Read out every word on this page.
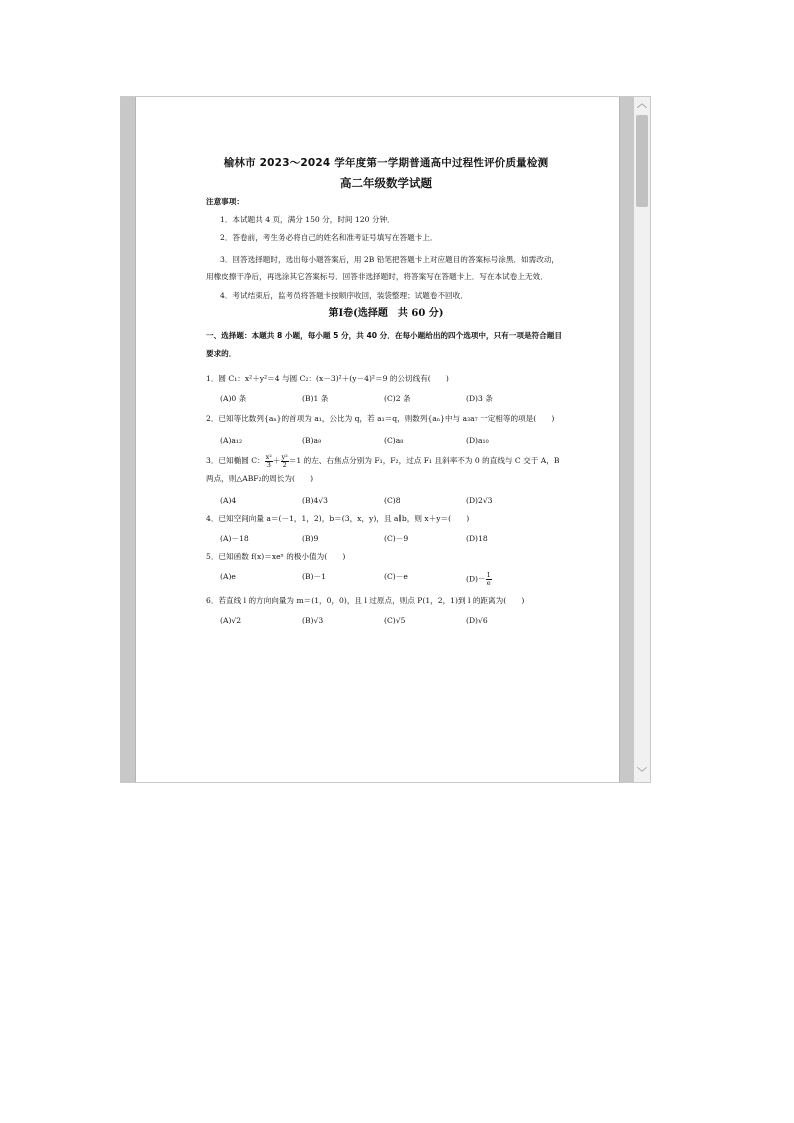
榆林市 2023～2024 学年度第一学期普通高中过程性评价质量检测
高二年级数学试题
注意事项：
1．本试题共 4 页，满分 150 分，时间 120 分钟．
2．答卷前，考生务必将自己的姓名和准考证号填写在答题卡上．
3．回答选择题时，选出每小题答案后，用 2B 铅笔把答题卡上对应题目的答案标号涂黑．如需改动，用橡皮擦干净后，再选涂其它答案标号．回答非选择题时，将答案写在答题卡上．写在本试卷上无效．
4．考试结束后，监考员将答题卡按顺序收回，装袋整理；试题卷不回收．
第Ⅰ卷(选择题　共 60 分)
一、选择题：本题共 8 小题，每小题 5 分，共 40 分．在每小题给出的四个选项中，只有一项是符合题目要求的．
1．圆 C₁：x²＋y²＝4 与圆 C₂：(x－3)²＋(y－4)²＝9 的公切线有(　　)
(A)0 条	(B)1 条	(C)2 条	(D)3 条
2．已知等比数列{aₙ}的首项为 a₁，公比为 q，若 a₁＝q，则数列{aₙ}中与 a₃a₇ 一定相等的项是(　　)
(A)a₁₂	(B)a₉	(C)a₈	(D)a₁₀
3．已知椭圆 C： $\frac{\text{x²}}{3} + \frac{\text{y²}}{2} =1$ 的左、右焦点分别为 F₁，F₂，过点 F₁ 且斜率不为 0 的直线与 C 交于 A，B 两点，则△ABF₂的周长为(　　)
(A)4	(B)4√3	(C)8	(D)2√3
4．已知空间向量 a＝(－1，1，2)，b＝(3，x，y)，且 a∥b，则 x＋y＝(　　)
(A)－18	(B)9	(C)－9	(D)18
5．已知函数 f(x)＝xeˣ 的极小值为(　　)
(A)e	(B)－1	(C)－e	$(D)- \frac{1}{e}$
6．若直线 l 的方向向量为 m＝(1，0，0)，且 l 过原点，则点 P(1，2，1)到 l 的距离为(　　)
(A)√2	(B)√3	(C)√5	(D)√6
︿
﹀
